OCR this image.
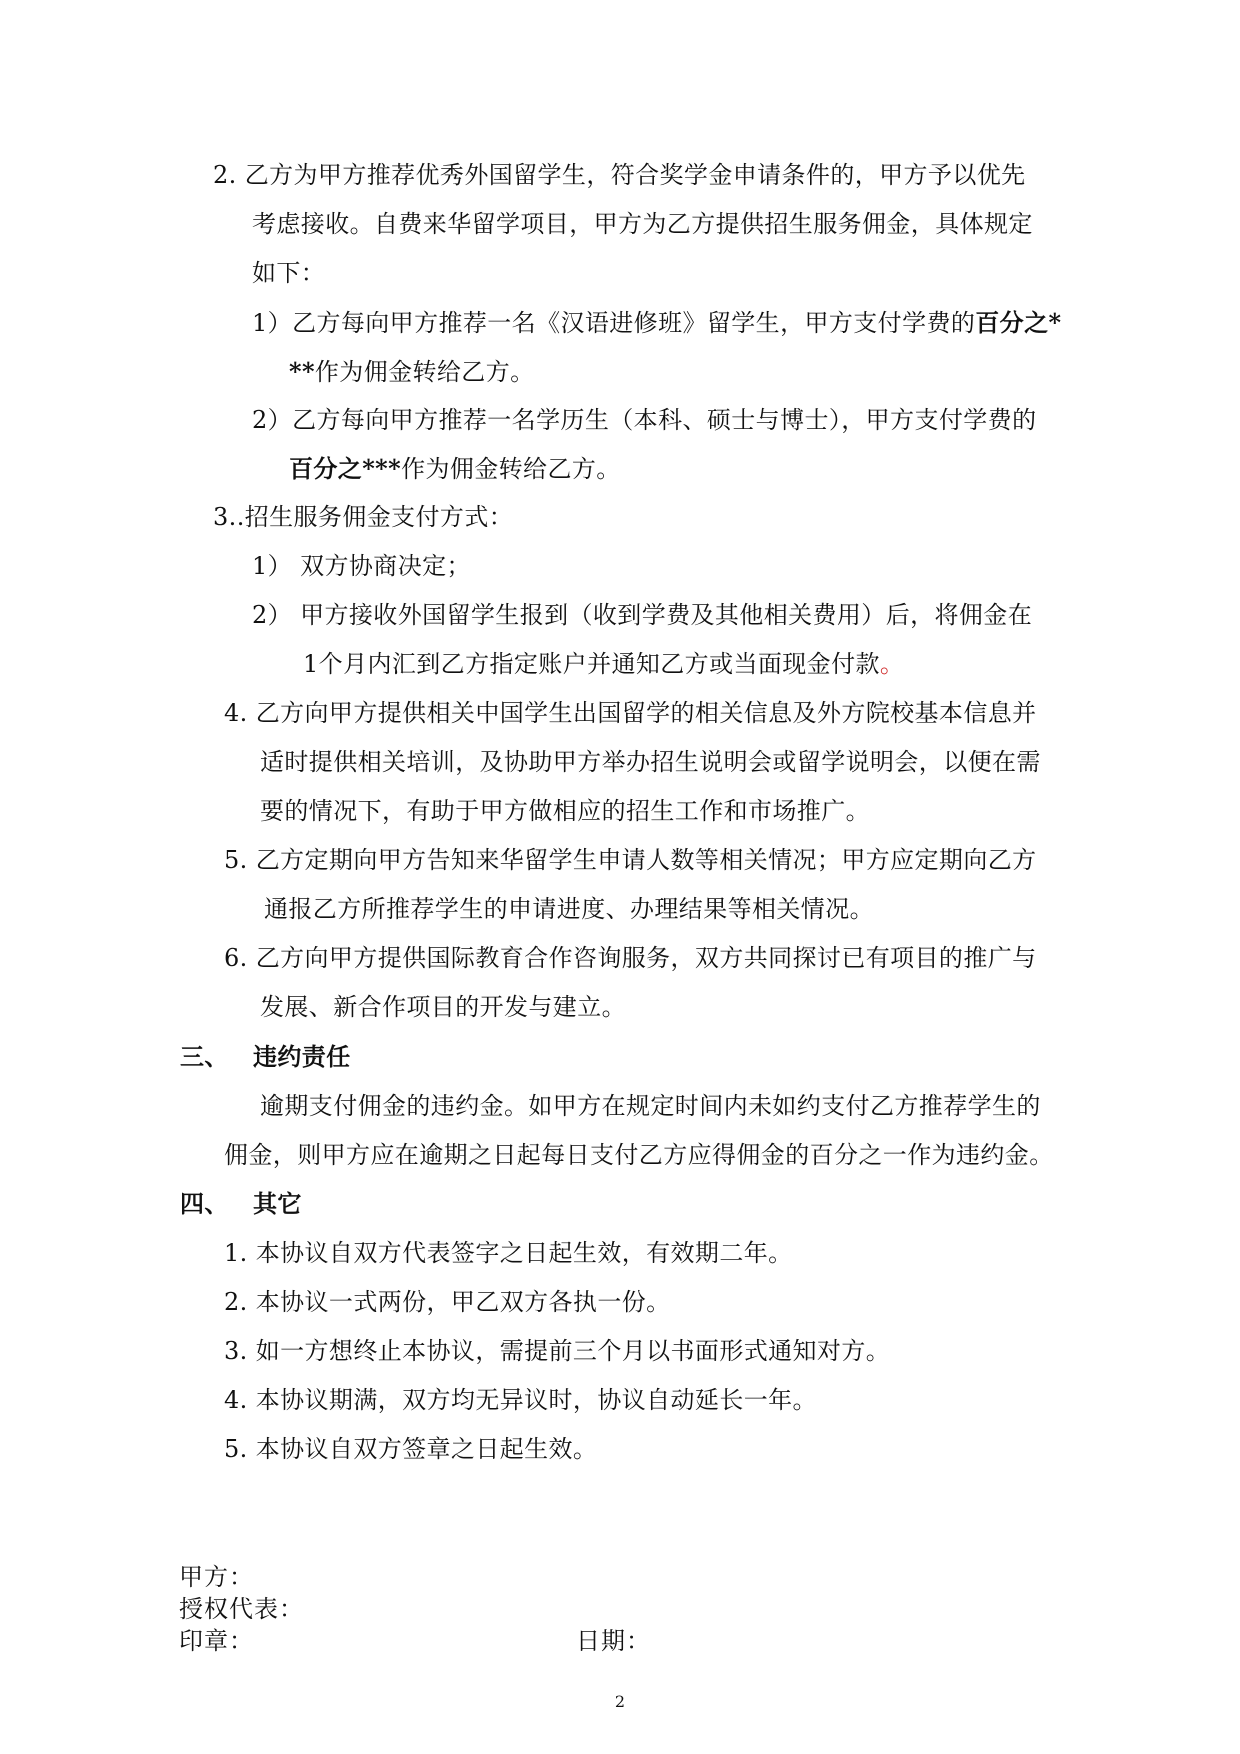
2. 乙方为甲方推荐优秀外国留学生，符合奖学金申请条件的，甲方予以优先
考虑接收。自费来华留学项目，甲方为乙方提供招生服务佣金，具体规定
如下：
1）乙方每向甲方推荐一名《汉语进修班》留学生，甲方支付学费的百分之*
**作为佣金转给乙方。
2）乙方每向甲方推荐一名学历生（本科、硕士与博士），甲方支付学费的
百分之***作为佣金转给乙方。
3..招生服务佣金支付方式：
1） 双方协商决定；
2） 甲方接收外国留学生报到（收到学费及其他相关费用）后，将佣金在
1个月内汇到乙方指定账户并通知乙方或当面现金付款。
4. 乙方向甲方提供相关中国学生出国留学的相关信息及外方院校基本信息并
适时提供相关培训，及协助甲方举办招生说明会或留学说明会，以便在需
要的情况下，有助于甲方做相应的招生工作和市场推广。
5. 乙方定期向甲方告知来华留学生申请人数等相关情况；甲方应定期向乙方
通报乙方所推荐学生的申请进度、办理结果等相关情况。
6. 乙方向甲方提供国际教育合作咨询服务，双方共同探讨已有项目的推广与
发展、新合作项目的开发与建立。
三、 违约责任
逾期支付佣金的违约金。如甲方在规定时间内未如约支付乙方推荐学生的
佣金，则甲方应在逾期之日起每日支付乙方应得佣金的百分之一作为违约金。
四、 其它
1. 本协议自双方代表签字之日起生效，有效期二年。
2. 本协议一式两份，甲乙双方各执一份。
3. 如一方想终止本协议，需提前三个月以书面形式通知对方。
4. 本协议期满，双方均无异议时，协议自动延长一年。
5. 本协议自双方签章之日起生效。
甲方：
授权代表：
印章：	日期：
2
